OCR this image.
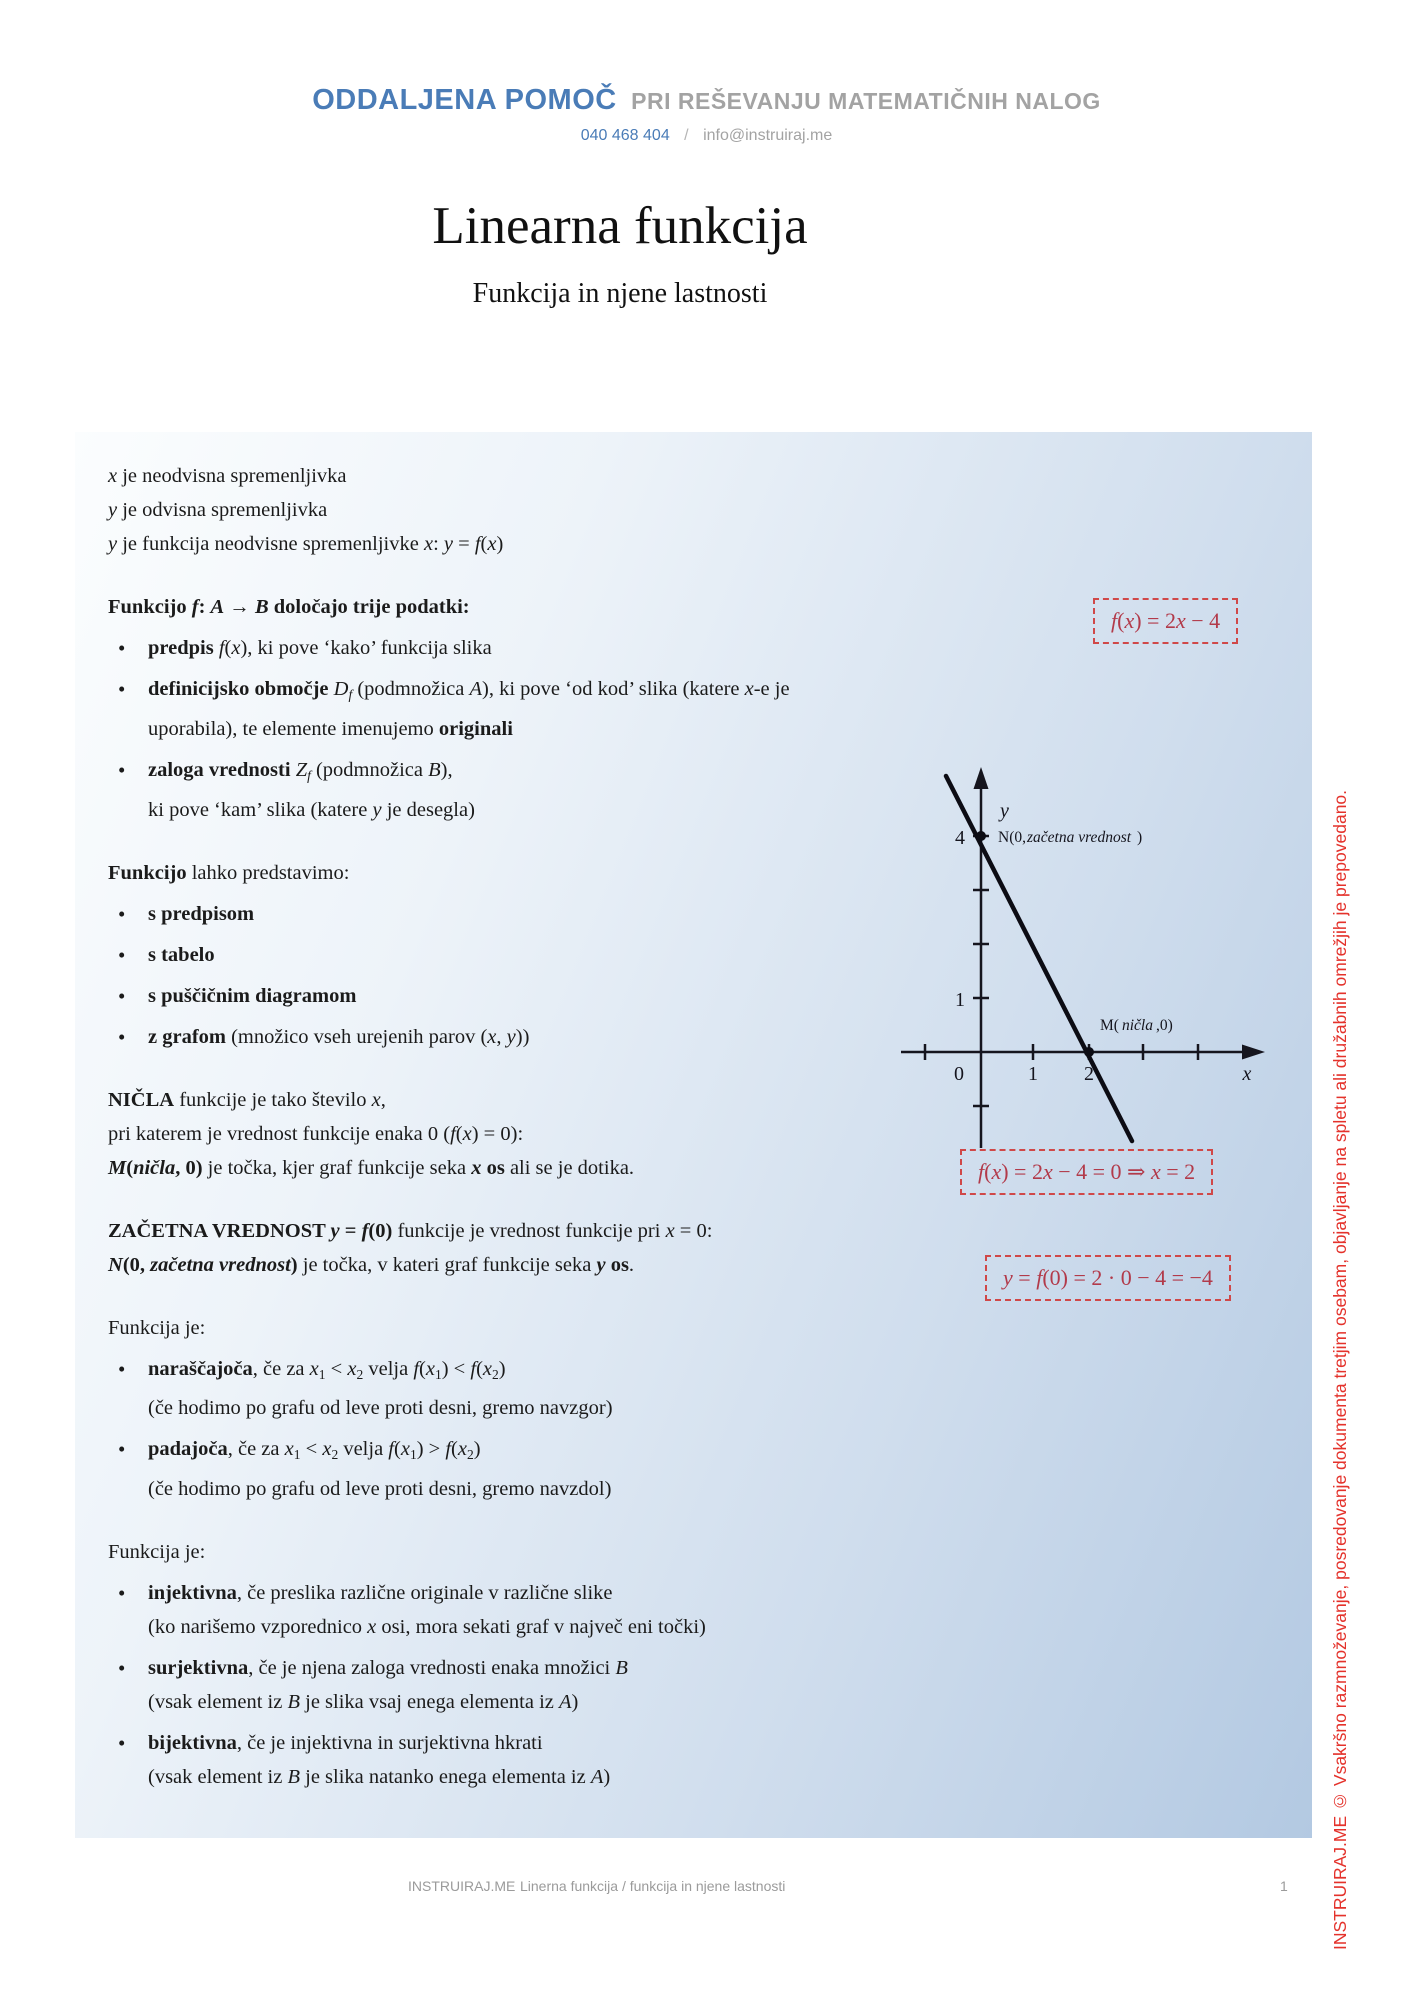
ODDALJENA POMOČ PRI REŠEVANJU MATEMATIČNIH NALOG
040 468 404 / info@instruiraj.me
Linearna funkcija
Funkcija in njene lastnosti
x je neodvisna spremenljivka
y je odvisna spremenljivka
y je funkcija neodvisne spremenljivke x: y = f(x)
Funkcijo f: A → B določajo trije podatki:
•	predpis f(x), ki pove ‘kako’ funkcija slika
•	definicijsko območje Df (podmnožica A), ki pove ‘od kod’ slika (katere x-e je
uporabila), te elemente imenujemo originali
•	zaloga vrednosti Zf (podmnožica B),
ki pove ‘kam’ slika (katere y je desegla)
Funkcijo lahko predstavimo:
•	s predpisom
•	s tabelo
•	s puščičnim diagramom
•	z grafom (množico vseh urejenih parov (x, y))
NIČLA funkcije je tako število x,
pri katerem je vrednost funkcije enaka 0 (f(x) = 0):
M(ničla, 0) je točka, kjer graf funkcije seka x os ali se je dotika.
ZAČETNA VREDNOST y = f(0) funkcije je vrednost funkcije pri x = 0:
N(0, začetna vrednost) je točka, v kateri graf funkcije seka y os.
Funkcija je:
•	naraščajoča, če za x1 < x2 velja f(x1) < f(x2)
(če hodimo po grafu od leve proti desni, gremo navzgor)
•	padajoča, če za x1 < x2 velja f(x1) > f(x2)
(če hodimo po grafu od leve proti desni, gremo navzdol)
Funkcija je:
•	injektivna, če preslika različne originale v različne slike
(ko narišemo vzporednico x osi, mora sekati graf v največ eni točki)
•	surjektivna, če je njena zaloga vrednosti enaka množici B
(vsak element iz B je slika vsaj enega elementa iz A)
•	bijektivna, če je injektivna in surjektivna hkrati
(vsak element iz B je slika natanko enega elementa iz A)
f(x) = 2x − 4
f(x) = 2x − 4 = 0 ⇒ x = 2
y = f(0) = 2 · 0 − 4 = −4
4
1
0	1 2	x
y
N(0, začetna vrednost )
M( ničla ,0)	INSTRUIRAJ.ME © Vsakršno razmnoževanje, posredovanje dokumenta tretjim osebam, objavljanje na spletu ali družabnih omrežjih je prepovedano.
INSTRUIRAJ.ME Linerna funkcija / funkcija in njene lastnosti	1
